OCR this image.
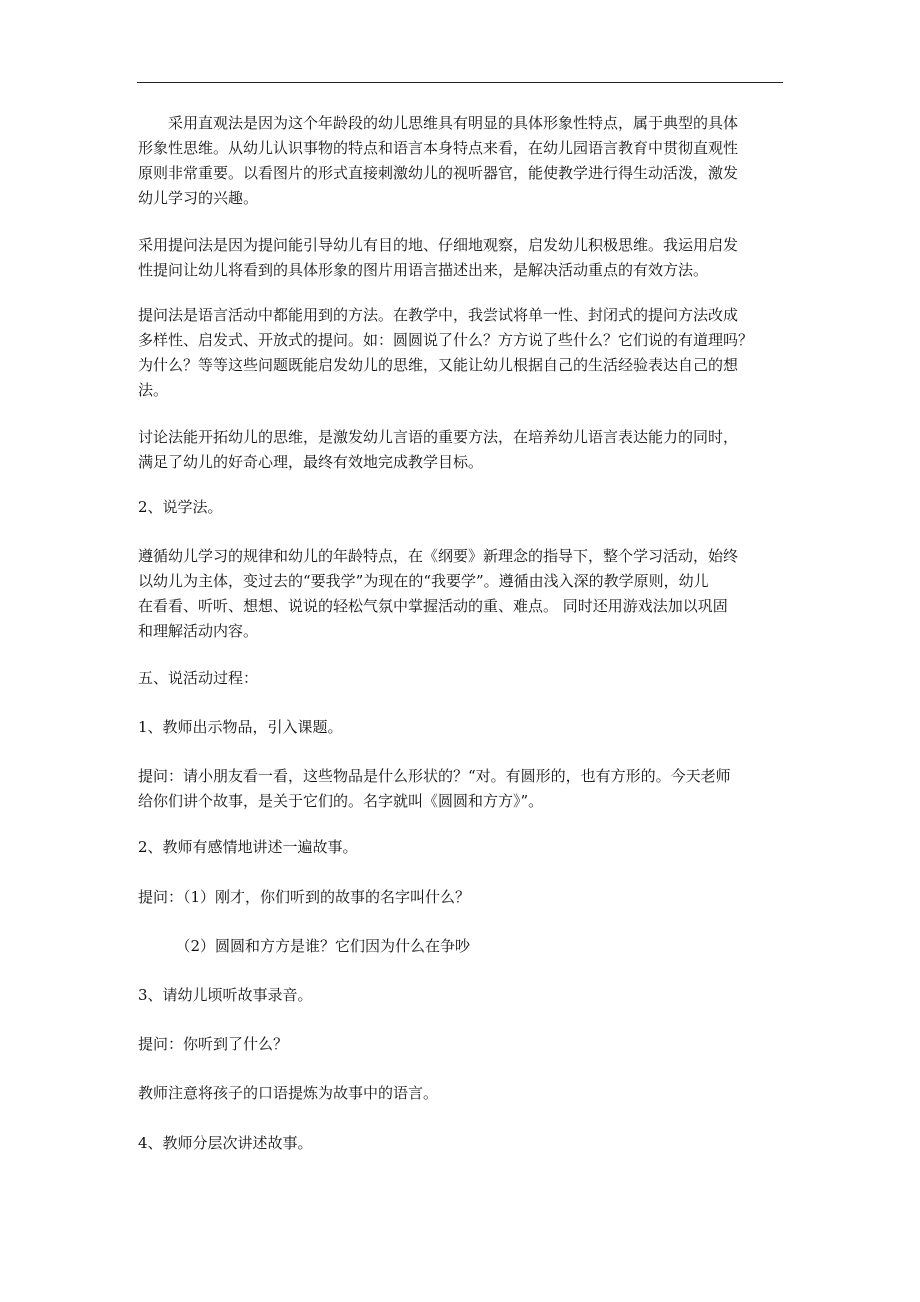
　　采用直观法是因为这个年龄段的幼儿思维具有明显的具体形象性特点，属于典型的具体
形象性思维。从幼儿认识事物的特点和语言本身特点来看，在幼儿园语言教育中贯彻直观性
原则非常重要。以看图片的形式直接刺激幼儿的视听器官，能使教学进行得生动活泼，激发
幼儿学习的兴趣。

采用提问法是因为提问能引导幼儿有目的地、仔细地观察，启发幼儿积极思维。我运用启发
性提问让幼儿将看到的具体形象的图片用语言描述出来，是解决活动重点的有效方法。

提问法是语言活动中都能用到的方法。在教学中，我尝试将单一性、封闭式的提问方法改成
多样性、启发式、开放式的提问。如：圆圆说了什么？方方说了些什么？它们说的有道理吗？
为什么？等等这些问题既能启发幼儿的思维，又能让幼儿根据自己的生活经验表达自己的想
法。

讨论法能开拓幼儿的思维，是激发幼儿言语的重要方法，在培养幼儿语言表达能力的同时，
满足了幼儿的好奇心理，最终有效地完成教学目标。

2、说学法。

遵循幼儿学习的规律和幼儿的年龄特点，在《纲要》新理念的指导下，整个学习活动，始终
以幼儿为主体，变过去的“要我学”为现在的“我要学”。遵循由浅入深的教学原则，幼儿
在看看、听听、想想、说说的轻松气氛中掌握活动的重、难点。 同时还用游戏法加以巩固
和理解活动内容。

五、说活动过程：

1、教师出示物品，引入课题。

提问：请小朋友看一看，这些物品是什么形状的？“对。有圆形的，也有方形的。今天老师
给你们讲个故事，是关于它们的。名字就叫《圆圆和方方》”。

2、教师有感情地讲述一遍故事。

提问：（1）刚才，你们听到的故事的名字叫什么？

　　　（2）圆圆和方方是谁？它们因为什么在争吵

3、请幼儿顷听故事录音。

提问：你听到了什么？

教师注意将孩子的口语提炼为故事中的语言。

4、教师分层次讲述故事。
